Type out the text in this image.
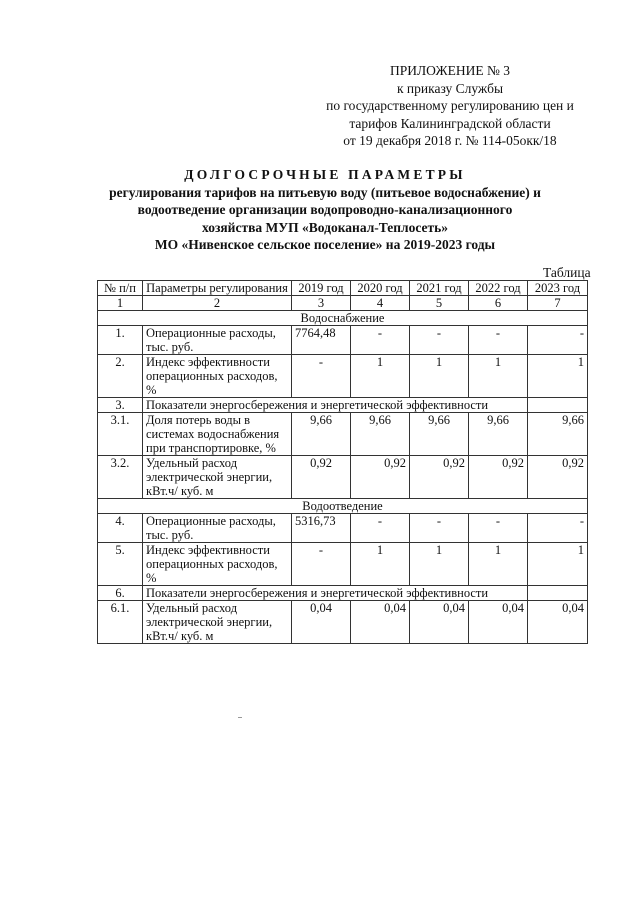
ПРИЛОЖЕНИЕ № 3
к приказу Службы
по государственному регулированию цен и
тарифов Калининградской области
от 19 декабря 2018 г. № 114-05окк/18
ДОЛГОСРОЧНЫЕ ПАРАМЕТРЫ
регулирования тарифов на питьевую воду (питьевое водоснабжение) и
водоотведение организации водопроводно-канализационного
хозяйства МУП «Водоканал-Теплосеть»
МО «Нивенское сельское поселение» на 2019-2023 годы
Таблица
№ п/п	Параметры регулирования	2019 год	2020 год	2021 год	2022 год	2023 год
1	2	3	4	5	6	7
Водоснабжение						
1.	Операционные расходы, тыс. руб.	7764,48	-	-	-	-
2.	Индекс эффективности операционных расходов, %	-	1	1	1	1
3.	Показатели энергосбережения и энергетической эффективности					
3.1.	Доля потерь воды в системах водоснабжения при транспортировке, %	9,66	9,66	9,66	9,66	9,66
3.2.	Удельный расход электрической энергии, кВт.ч/ куб. м	0,92	0,92	0,92	0,92	0,92
Водоотведение						
4.	Операционные расходы, тыс. руб.	5316,73	-	-	-	-
5.	Индекс эффективности операционных расходов, %	-	1	1	1	1
6.	Показатели энергосбережения и энергетической эффективности					
6.1.	Удельный расход электрической энергии, кВт.ч/ куб. м	0,04	0,04	0,04	0,04	0,04
